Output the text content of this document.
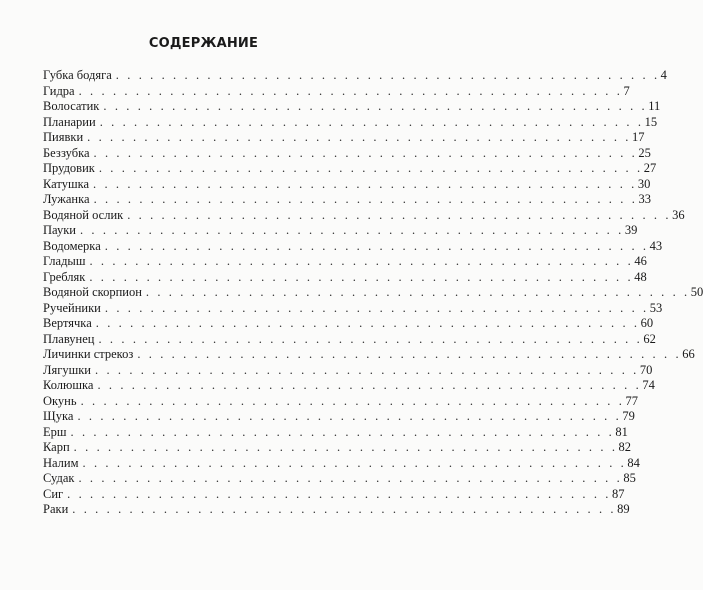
СОДЕРЖАНИЕ
Губка бодяга . . . . . . . . . . . . . . . . . . . . . . . . . . . . . . . . . . . . . . . . . . . . . . . . 4
Гидра . . . . . . . . . . . . . . . . . . . . . . . . . . . . . . . . . . . . . . . . . . . . . . . . 7
Волосатик . . . . . . . . . . . . . . . . . . . . . . . . . . . . . . . . . . . . . . . . . . . . . . . . 11
Планарии . . . . . . . . . . . . . . . . . . . . . . . . . . . . . . . . . . . . . . . . . . . . . . . . 15
Пиявки . . . . . . . . . . . . . . . . . . . . . . . . . . . . . . . . . . . . . . . . . . . . . . . . 17
Беззубка . . . . . . . . . . . . . . . . . . . . . . . . . . . . . . . . . . . . . . . . . . . . . . . . 25
Прудовик . . . . . . . . . . . . . . . . . . . . . . . . . . . . . . . . . . . . . . . . . . . . . . . . 27
Катушка . . . . . . . . . . . . . . . . . . . . . . . . . . . . . . . . . . . . . . . . . . . . . . . . 30
Лужанка . . . . . . . . . . . . . . . . . . . . . . . . . . . . . . . . . . . . . . . . . . . . . . . . 33
Водяной ослик . . . . . . . . . . . . . . . . . . . . . . . . . . . . . . . . . . . . . . . . . . . . . . . . 36
Пауки . . . . . . . . . . . . . . . . . . . . . . . . . . . . . . . . . . . . . . . . . . . . . . . . 39
Водомерка . . . . . . . . . . . . . . . . . . . . . . . . . . . . . . . . . . . . . . . . . . . . . . . . 43
Гладыш . . . . . . . . . . . . . . . . . . . . . . . . . . . . . . . . . . . . . . . . . . . . . . . . 46
Гребляк . . . . . . . . . . . . . . . . . . . . . . . . . . . . . . . . . . . . . . . . . . . . . . . . 48
Водяной скорпион . . . . . . . . . . . . . . . . . . . . . . . . . . . . . . . . . . . . . . . . . . . . . . . . 50
Ручейники . . . . . . . . . . . . . . . . . . . . . . . . . . . . . . . . . . . . . . . . . . . . . . . . 53
Вертячка . . . . . . . . . . . . . . . . . . . . . . . . . . . . . . . . . . . . . . . . . . . . . . . . 60
Плавунец . . . . . . . . . . . . . . . . . . . . . . . . . . . . . . . . . . . . . . . . . . . . . . . . 62
Личинки стрекоз . . . . . . . . . . . . . . . . . . . . . . . . . . . . . . . . . . . . . . . . . . . . . . . . 66
Лягушки . . . . . . . . . . . . . . . . . . . . . . . . . . . . . . . . . . . . . . . . . . . . . . . . 70
Колюшка . . . . . . . . . . . . . . . . . . . . . . . . . . . . . . . . . . . . . . . . . . . . . . . . 74
Окунь . . . . . . . . . . . . . . . . . . . . . . . . . . . . . . . . . . . . . . . . . . . . . . . . 77
Щука . . . . . . . . . . . . . . . . . . . . . . . . . . . . . . . . . . . . . . . . . . . . . . . . 79
Ерш . . . . . . . . . . . . . . . . . . . . . . . . . . . . . . . . . . . . . . . . . . . . . . . . 81
Карп . . . . . . . . . . . . . . . . . . . . . . . . . . . . . . . . . . . . . . . . . . . . . . . . 82
Налим . . . . . . . . . . . . . . . . . . . . . . . . . . . . . . . . . . . . . . . . . . . . . . . . 84
Судак . . . . . . . . . . . . . . . . . . . . . . . . . . . . . . . . . . . . . . . . . . . . . . . . 85
Сиг . . . . . . . . . . . . . . . . . . . . . . . . . . . . . . . . . . . . . . . . . . . . . . . . 87
Раки . . . . . . . . . . . . . . . . . . . . . . . . . . . . . . . . . . . . . . . . . . . . . . . . 89
